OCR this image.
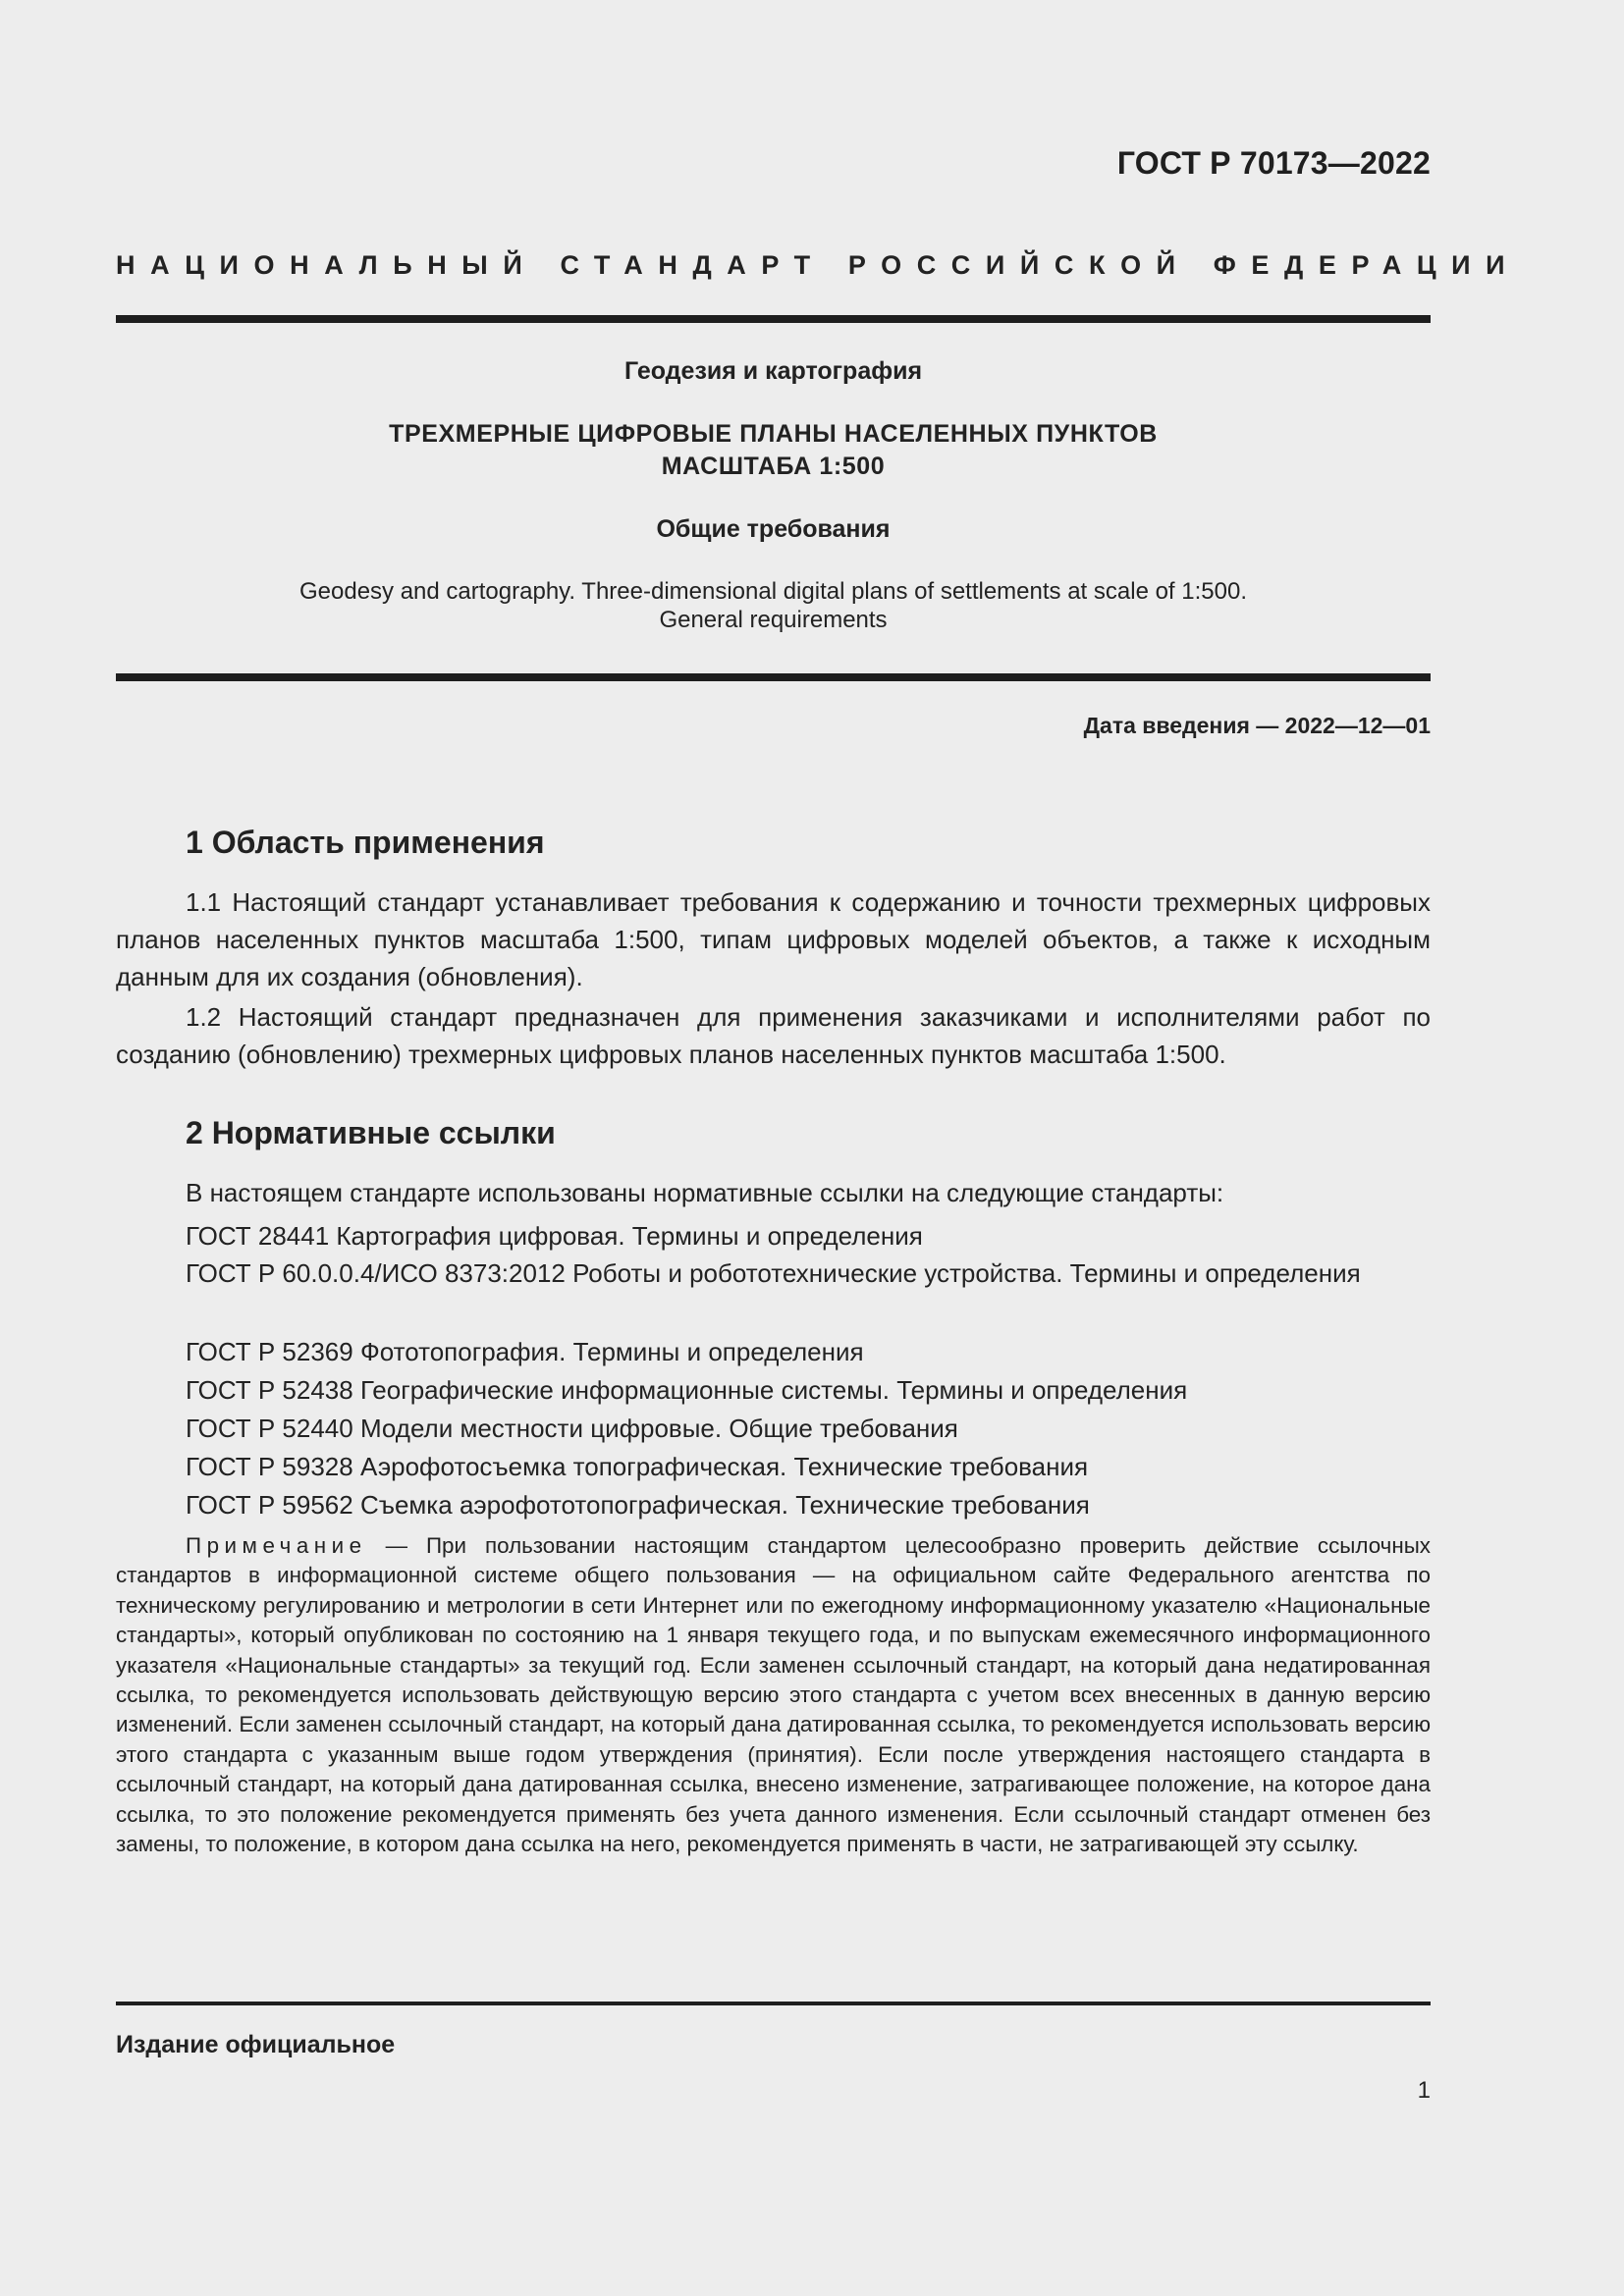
ГОСТ Р 70173—2022
НАЦИОНАЛЬНЫЙ СТАНДАРТ РОССИЙСКОЙ ФЕДЕРАЦИИ
Геодезия и картография
ТРЕХМЕРНЫЕ ЦИФРОВЫЕ ПЛАНЫ НАСЕЛЕННЫХ ПУНКТОВ
МАСШТАБА 1:500
Общие требования
Geodesy and cartography. Three-dimensional digital plans of settlements at scale of 1:500.
General requirements
Дата введения — 2022—12—01
1 Область применения
1.1 Настоящий стандарт устанавливает требования к содержанию и точности трехмерных цифровых планов населенных пунктов масштаба 1:500, типам цифровых моделей объектов, а также к исходным данным для их создания (обновления).
1.2 Настоящий стандарт предназначен для применения заказчиками и исполнителями работ по созданию (обновлению) трехмерных цифровых планов населенных пунктов масштаба 1:500.
2 Нормативные ссылки
В настоящем стандарте использованы нормативные ссылки на следующие стандарты:
ГОСТ 28441 Картография цифровая. Термины и определения
ГОСТ Р 60.0.0.4/ИСО 8373:2012 Роботы и робототехнические устройства. Термины и определения
ГОСТ Р 52369 Фототопография. Термины и определения
ГОСТ Р 52438 Географические информационные системы. Термины и определения
ГОСТ Р 52440 Модели местности цифровые. Общие требования
ГОСТ Р 59328 Аэрофотосъемка топографическая. Технические требования
ГОСТ Р 59562 Съемка аэрофототопографическая. Технические требования
Примечание — При пользовании настоящим стандартом целесообразно проверить действие ссылочных стандартов в информационной системе общего пользования — на официальном сайте Федерального агентства по техническому регулированию и метрологии в сети Интернет или по ежегодному информационному указателю «Национальные стандарты», который опубликован по состоянию на 1 января текущего года, и по выпускам ежемесячного информационного указателя «Национальные стандарты» за текущий год. Если заменен ссылочный стандарт, на который дана недатированная ссылка, то рекомендуется использовать действующую версию этого стандарта с учетом всех внесенных в данную версию изменений. Если заменен ссылочный стандарт, на который дана датированная ссылка, то рекомендуется использовать версию этого стандарта с указанным выше годом утверждения (принятия). Если после утверждения настоящего стандарта в ссылочный стандарт, на который дана датированная ссылка, внесено изменение, затрагивающее положение, на которое дана ссылка, то это положение рекомендуется применять без учета данного изменения. Если ссылочный стандарт отменен без замены, то положение, в котором дана ссылка на него, рекомендуется применять в части, не затрагивающей эту ссылку.
Издание официальное
1
